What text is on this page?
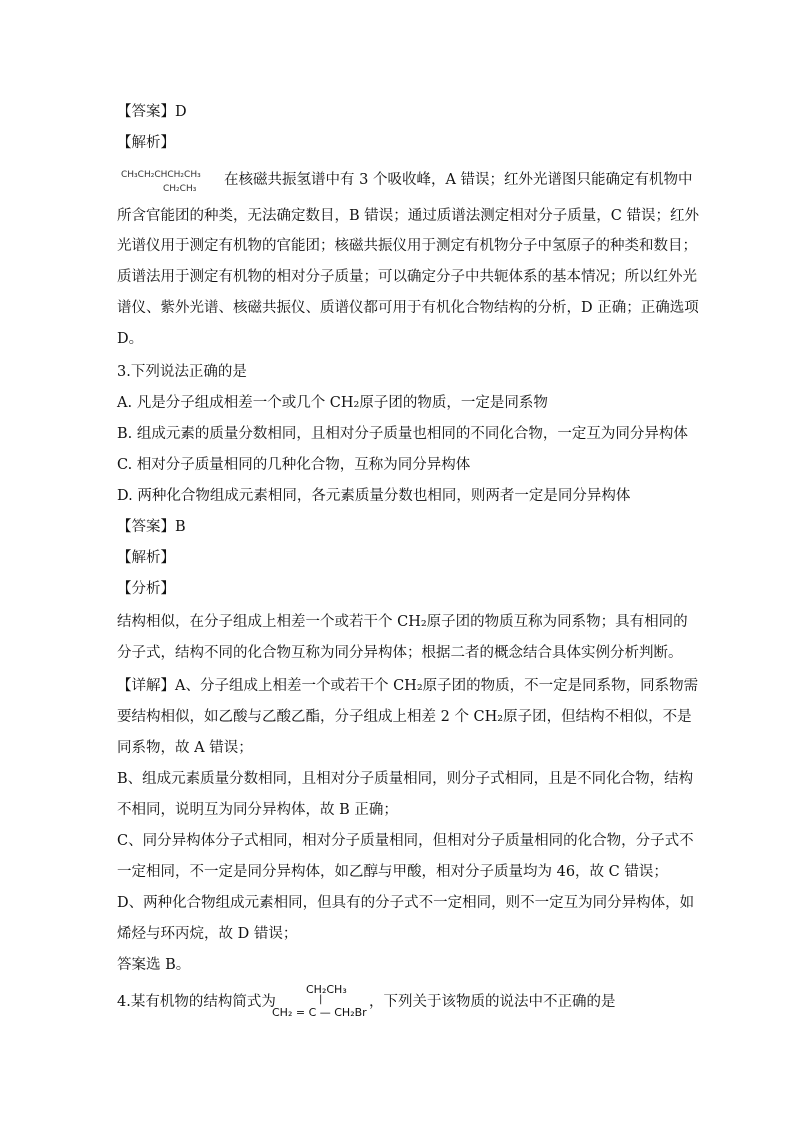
【答案】D
【解析】
CH₃CH₂CHCH₂CH₃
CH₂CH₃
在核磁共振氢谱中有 3 个吸收峰，A 错误；红外光谱图只能确定有机物中
所含官能团的种类，无法确定数目，B 错误；通过质谱法测定相对分子质量，C 错误；红外
光谱仪用于测定有机物的官能团；核磁共振仪用于测定有机物分子中氢原子的种类和数目；
质谱法用于测定有机物的相对分子质量；可以确定分子中共轭体系的基本情况；所以红外光
谱仪、紫外光谱、核磁共振仪、质谱仪都可用于有机化合物结构的分析，D 正确；正确选项
D。
3.下列说法正确的是
A. 凡是分子组成相差一个或几个 CH₂原子团的物质，一定是同系物
B. 组成元素的质量分数相同，且相对分子质量也相同的不同化合物，一定互为同分异构体
C. 相对分子质量相同的几种化合物，互称为同分异构体
D. 两种化合物组成元素相同，各元素质量分数也相同，则两者一定是同分异构体
【答案】B
【解析】
【分析】
结构相似，在分子组成上相差一个或若干个 CH₂原子团的物质互称为同系物；具有相同的
分子式，结构不同的化合物互称为同分异构体；根据二者的概念结合具体实例分析判断。
【详解】A、分子组成上相差一个或若干个 CH₂原子团的物质，不一定是同系物，同系物需
要结构相似，如乙酸与乙酸乙酯，分子组成上相差 2 个 CH₂原子团，但结构不相似，不是
同系物，故 A 错误；
B、组成元素质量分数相同，且相对分子质量相同，则分子式相同，且是不同化合物，结构
不相同，说明互为同分异构体，故 B 正确；
C、同分异构体分子式相同，相对分子质量相同，但相对分子质量相同的化合物，分子式不
一定相同，不一定是同分异构体，如乙醇与甲酸，相对分子质量均为 46，故 C 错误；
D、两种化合物组成元素相同，但具有的分子式不一定相同，则不一定互为同分异构体，如
烯烃与环丙烷，故 D 错误；
答案选 B。
4.某有机物的结构简式为
CH₂CH₃
|
CH₂ = C — CH₂Br
，下列关于该物质的说法中不正确的是
